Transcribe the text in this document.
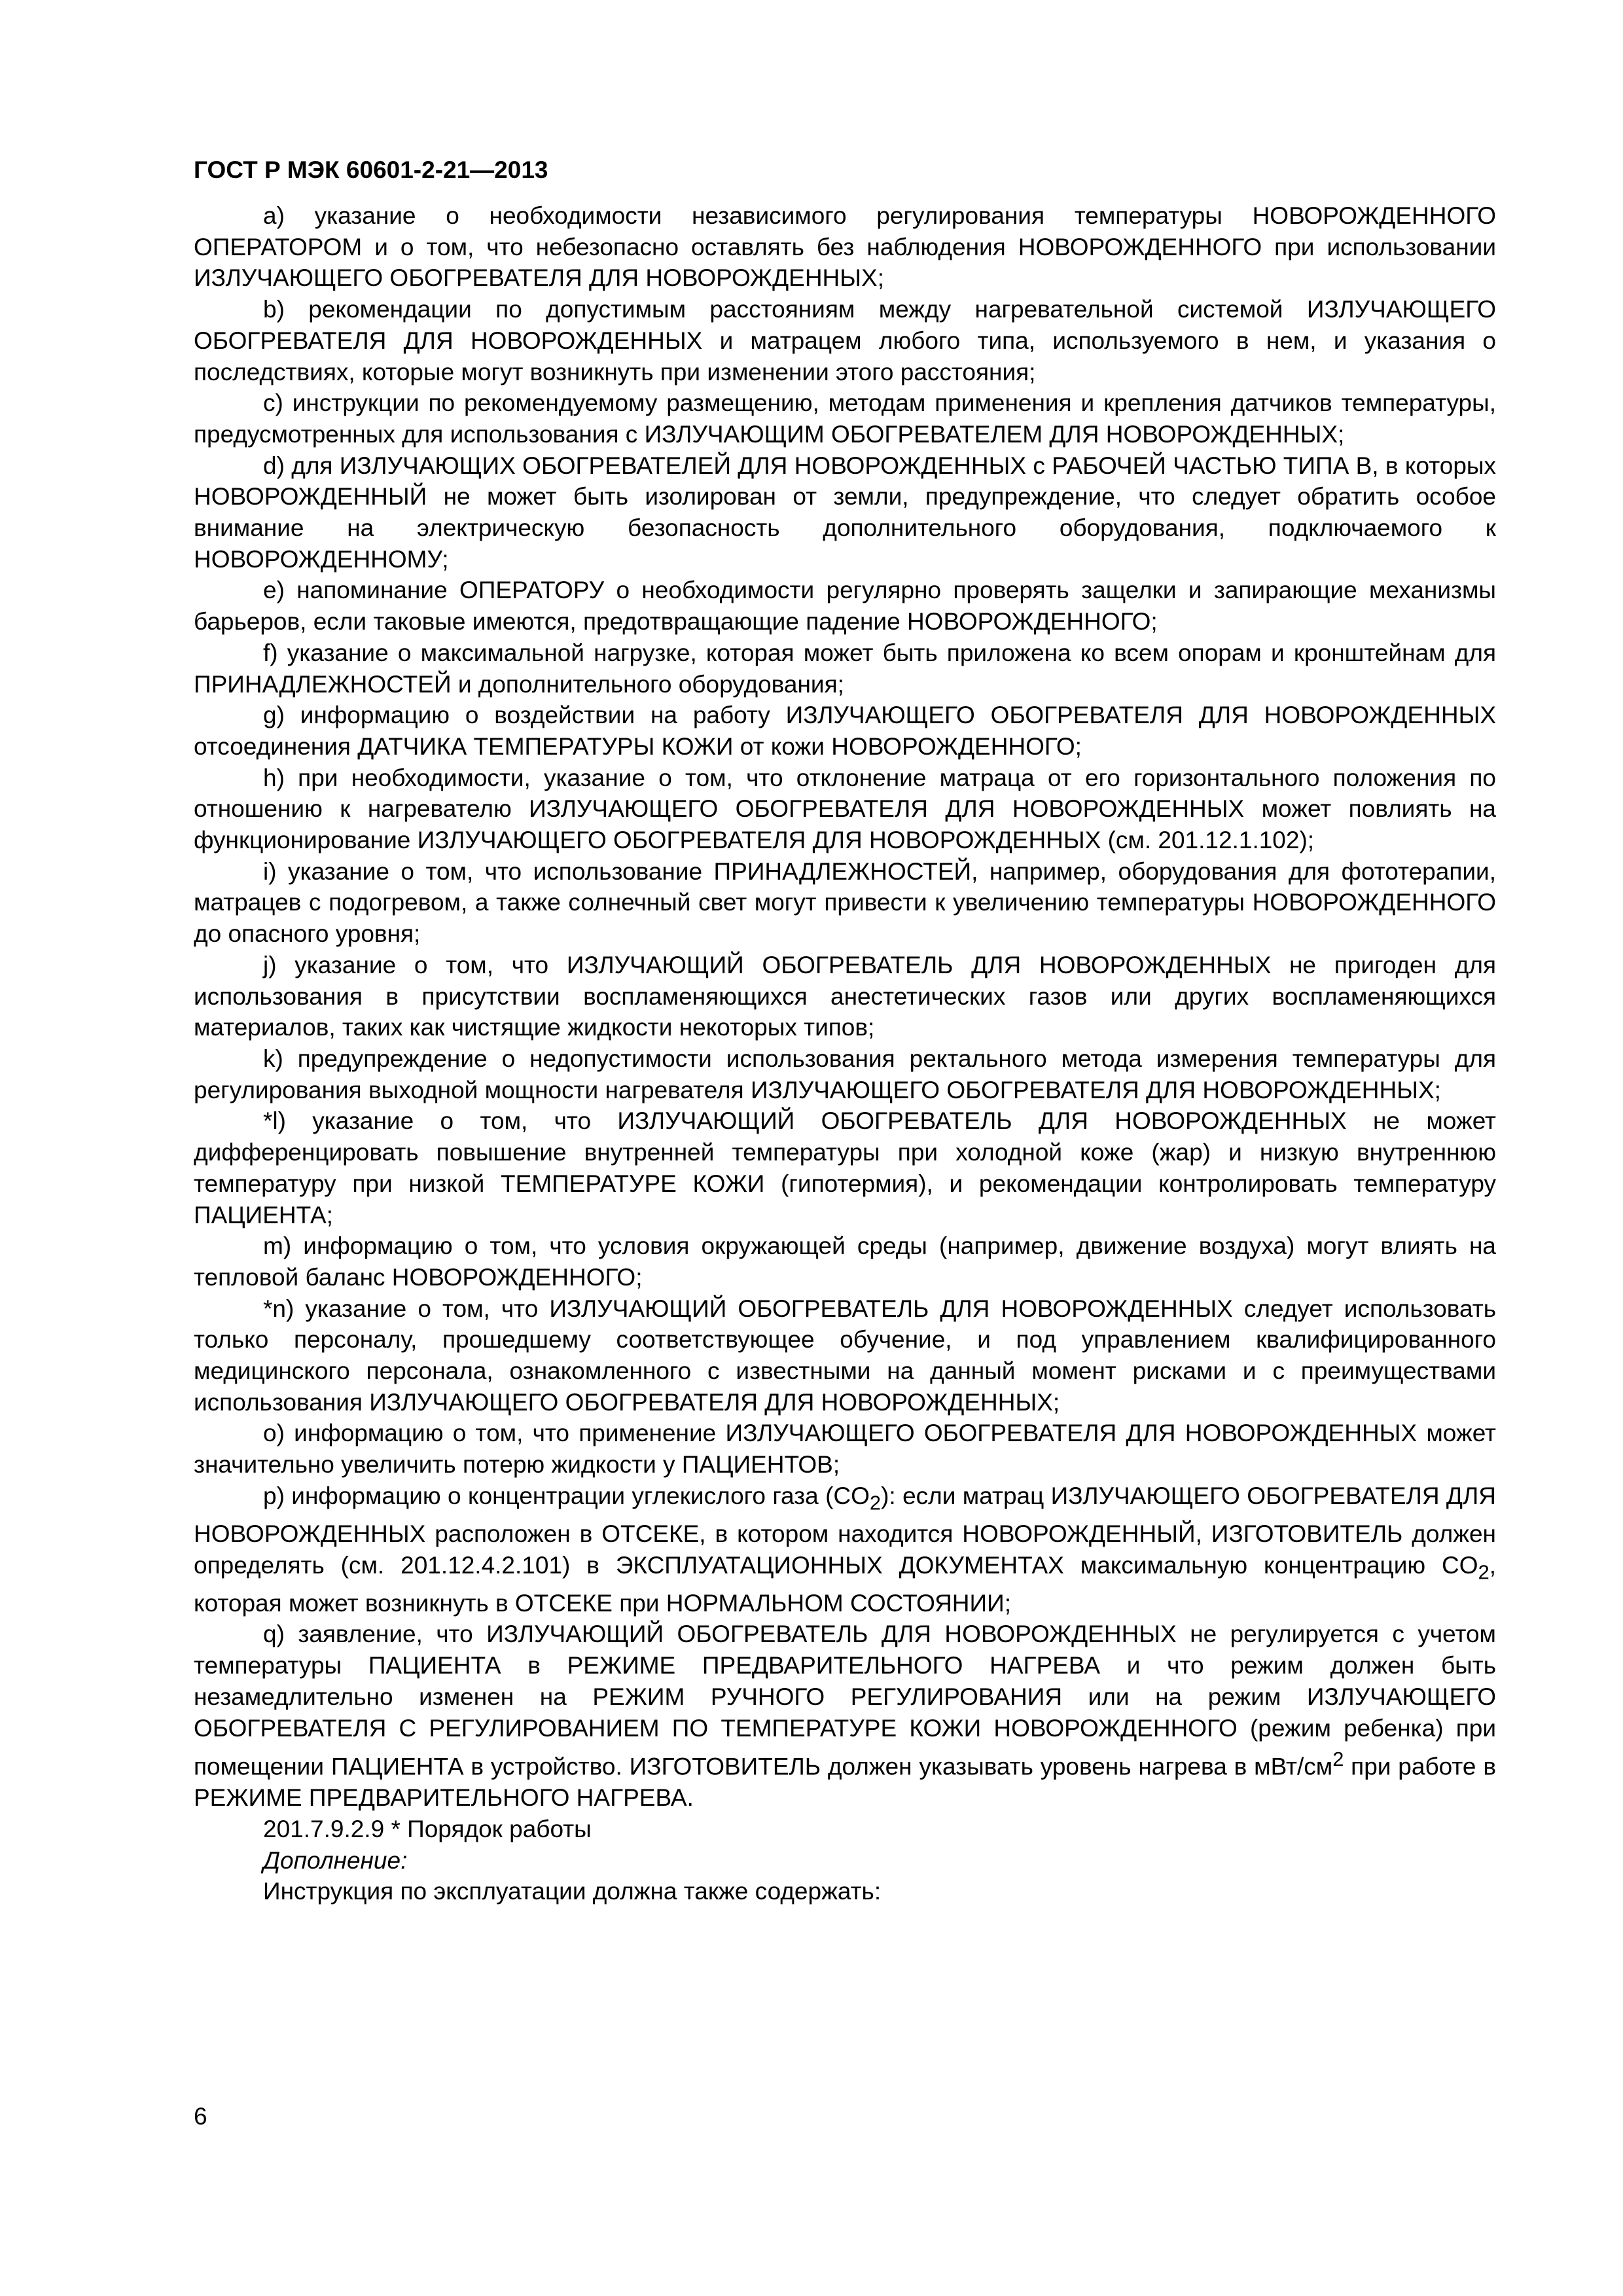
ГОСТ Р МЭК 60601-2-21—2013

a) указание о необходимости независимого регулирования температуры НОВОРОЖДЕННОГО ОПЕРАТОРОМ и о том, что небезопасно оставлять без наблюдения НОВОРОЖДЕННОГО при использовании ИЗЛУЧАЮЩЕГО ОБОГРЕВАТЕЛЯ ДЛЯ НОВОРОЖДЕННЫХ;

b) рекомендации по допустимым расстояниям между нагревательной системой ИЗЛУЧАЮЩЕГО ОБОГРЕВАТЕЛЯ ДЛЯ НОВОРОЖДЕННЫХ и матрацем любого типа, используемого в нем, и указания о последствиях, которые могут возникнуть при изменении этого расстояния;

c) инструкции по рекомендуемому размещению, методам применения и крепления датчиков температуры, предусмотренных для использования с ИЗЛУЧАЮЩИМ ОБОГРЕВАТЕЛЕМ ДЛЯ НОВОРОЖДЕННЫХ;

d) для ИЗЛУЧАЮЩИХ ОБОГРЕВАТЕЛЕЙ ДЛЯ НОВОРОЖДЕННЫХ с РАБОЧЕЙ ЧАСТЬЮ ТИПА В, в которых НОВОРОЖДЕННЫЙ не может быть изолирован от земли, предупреждение, что следует обратить особое внимание на электрическую безопасность дополнительного оборудования, подключаемого к НОВОРОЖДЕННОМУ;

e) напоминание ОПЕРАТОРУ о необходимости регулярно проверять защелки и запирающие механизмы барьеров, если таковые имеются, предотвращающие падение НОВОРОЖДЕННОГО;

f) указание о максимальной нагрузке, которая может быть приложена ко всем опорам и кронштейнам для ПРИНАДЛЕЖНОСТЕЙ и дополнительного оборудования;

g) информацию о воздействии на работу ИЗЛУЧАЮЩЕГО ОБОГРЕВАТЕЛЯ ДЛЯ НОВОРОЖДЕННЫХ отсоединения ДАТЧИКА ТЕМПЕРАТУРЫ КОЖИ от кожи НОВОРОЖДЕННОГО;

h) при необходимости, указание о том, что отклонение матраца от его горизонтального положения по отношению к нагревателю ИЗЛУЧАЮЩЕГО ОБОГРЕВАТЕЛЯ ДЛЯ НОВОРОЖДЕННЫХ может повлиять на функционирование ИЗЛУЧАЮЩЕГО ОБОГРЕВАТЕЛЯ ДЛЯ НОВОРОЖДЕННЫХ (см. 201.12.1.102);

i) указание о том, что использование ПРИНАДЛЕЖНОСТЕЙ, например, оборудования для фототерапии, матрацев с подогревом, а также солнечный свет могут привести к увеличению температуры НОВОРОЖДЕННОГО до опасного уровня;

j) указание о том, что ИЗЛУЧАЮЩИЙ ОБОГРЕВАТЕЛЬ ДЛЯ НОВОРОЖДЕННЫХ не пригоден для использования в присутствии воспламеняющихся анестетических газов или других воспламеняющихся материалов, таких как чистящие жидкости некоторых типов;

k) предупреждение о недопустимости использования ректального метода измерения температуры для регулирования выходной мощности нагревателя ИЗЛУЧАЮЩЕГО ОБОГРЕВАТЕЛЯ ДЛЯ НОВОРОЖДЕННЫХ;

*l) указание о том, что ИЗЛУЧАЮЩИЙ ОБОГРЕВАТЕЛЬ ДЛЯ НОВОРОЖДЕННЫХ не может дифференцировать повышение внутренней температуры при холодной коже (жар) и низкую внутреннюю температуру при низкой ТЕМПЕРАТУРЕ КОЖИ (гипотермия), и рекомендации контролировать температуру ПАЦИЕНТА;

m) информацию о том, что условия окружающей среды (например, движение воздуха) могут влиять на тепловой баланс НОВОРОЖДЕННОГО;

*n) указание о том, что ИЗЛУЧАЮЩИЙ ОБОГРЕВАТЕЛЬ ДЛЯ НОВОРОЖДЕННЫХ следует использовать только персоналу, прошедшему соответствующее обучение, и под управлением квалифицированного медицинского персонала, ознакомленного с известными на данный момент рисками и с преимуществами использования ИЗЛУЧАЮЩЕГО ОБОГРЕВАТЕЛЯ ДЛЯ НОВОРОЖДЕННЫХ;

o) информацию о том, что применение ИЗЛУЧАЮЩЕГО ОБОГРЕВАТЕЛЯ ДЛЯ НОВОРОЖДЕННЫХ может значительно увеличить потерю жидкости у ПАЦИЕНТОВ;

p) информацию о концентрации углекислого газа $(CO_2)$: если матрац ИЗЛУЧАЮЩЕГО ОБОГРЕВАТЕЛЯ ДЛЯ НОВОРОЖДЕННЫХ расположен в ОТСЕКЕ, в котором находится НОВОРОЖДЕННЫЙ, ИЗГОТОВИТЕЛЬ должен определять (см. 201.12.4.2.101) в ЭКСПЛУАТАЦИОННЫХ ДОКУМЕНТАХ максимальную концентрацию $CO_2$, которая может возникнуть в ОТСЕКЕ при НОРМАЛЬНОМ СОСТОЯНИИ;

q) заявление, что ИЗЛУЧАЮЩИЙ ОБОГРЕВАТЕЛЬ ДЛЯ НОВОРОЖДЕННЫХ не регулируется с учетом температуры ПАЦИЕНТА в РЕЖИМЕ ПРЕДВАРИТЕЛЬНОГО НАГРЕВА и что режим должен быть незамедлительно изменен на РЕЖИМ РУЧНОГО РЕГУЛИРОВАНИЯ или на режим ИЗЛУЧАЮЩЕГО ОБОГРЕВАТЕЛЯ С РЕГУЛИРОВАНИЕМ ПО ТЕМПЕРАТУРЕ КОЖИ НОВОРОЖДЕННОГО (режим ребенка) при помещении ПАЦИЕНТА в устройство. ИЗГОТОВИТЕЛЬ должен указывать уровень нагрева в мВт/$см^2$ при работе в РЕЖИМЕ ПРЕДВАРИТЕЛЬНОГО НАГРЕВА.

201.7.9.2.9 * Порядок работы

Дополнение:

Инструкция по эксплуатации должна также содержать:

6
